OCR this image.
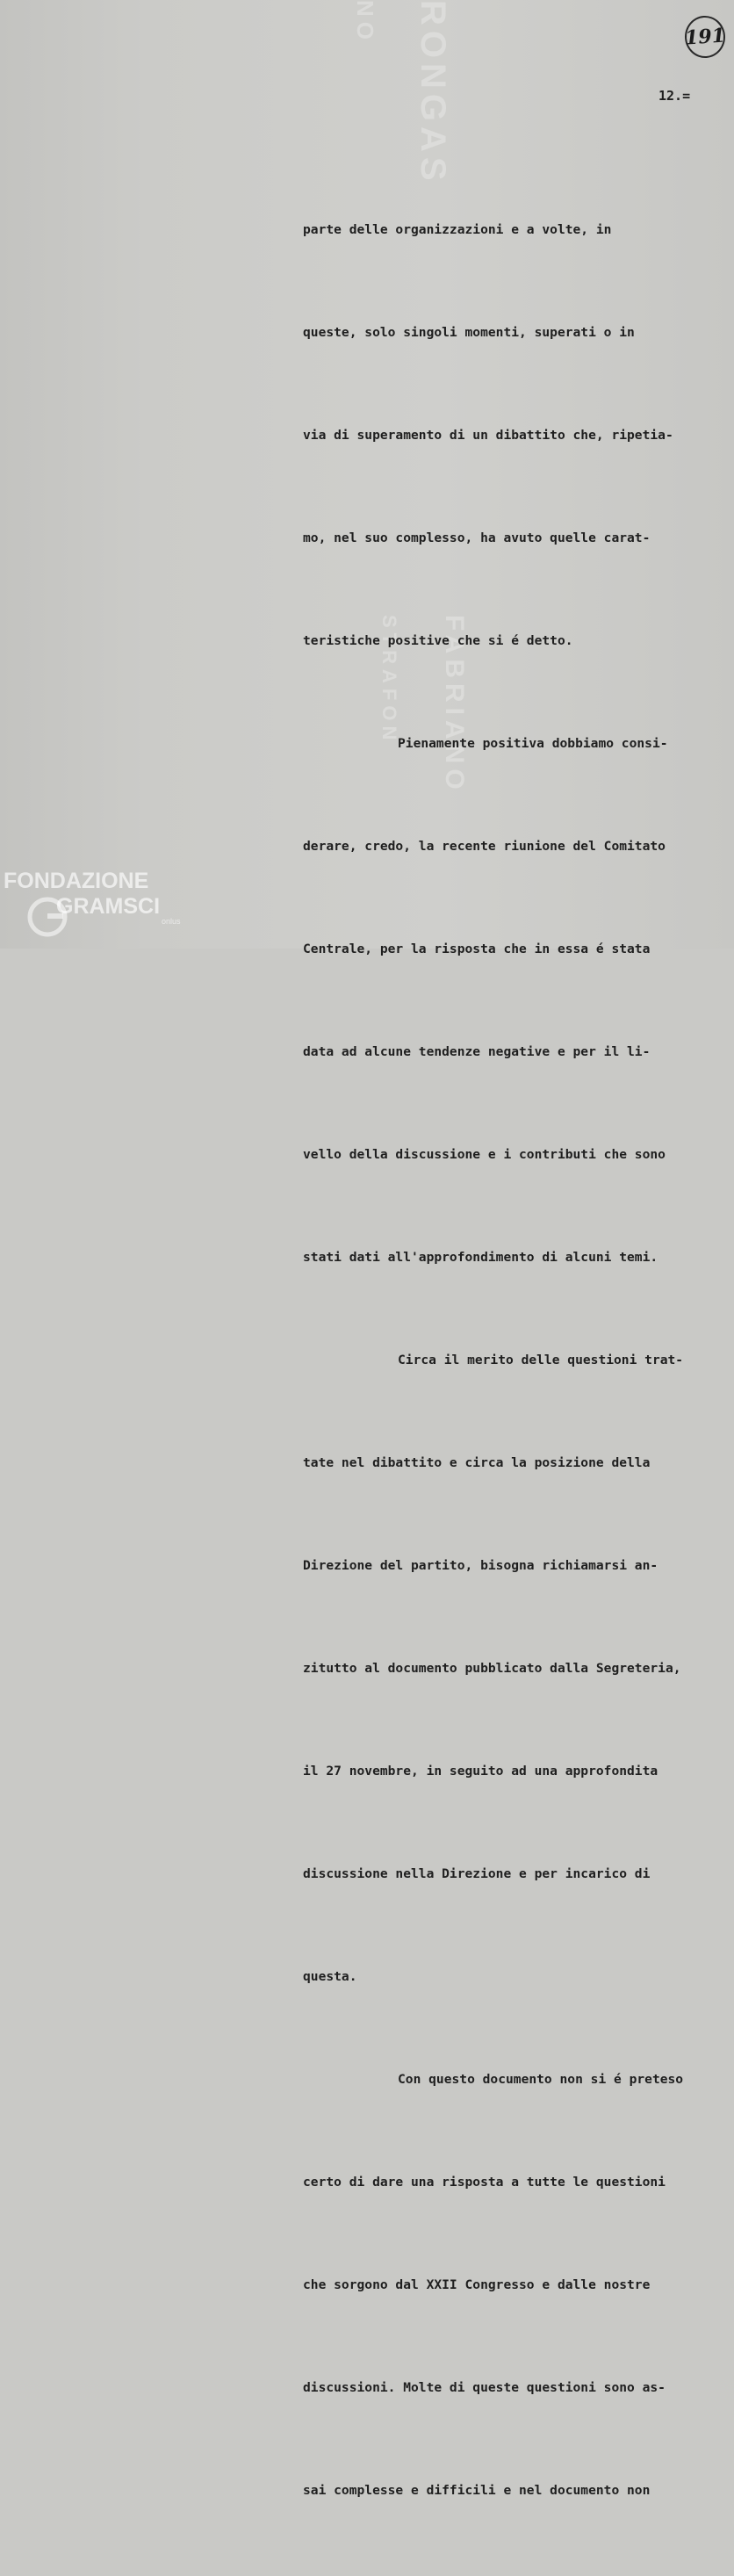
RONGAS
NO
FABRIANO
STRAFON
191
12.=

parte delle organizzazioni e a volte, in

queste, solo singoli momenti, superati o in

via di superamento di un dibattito che, ripetia-

mo, nel suo complesso, ha avuto quelle carat-

teristiche positive che si é detto.

Pienamente positiva dobbiamo consi-

derare, credo, la recente riunione del Comitato

Centrale, per la risposta che in essa é stata

data ad alcune tendenze negative e per il li-

vello della discussione e i contributi che sono

stati dati all'approfondimento di alcuni temi.

Circa il merito delle questioni trat-

tate nel dibattito e circa la posizione della

Direzione del partito, bisogna richiamarsi an-

zitutto al documento pubblicato dalla Segreteria,

il 27 novembre, in seguito ad una approfondita

discussione nella Direzione e per incarico di

questa.

Con questo documento non si é preteso

certo di dare una risposta a tutte le questioni

che sorgono dal XXII Congresso e dalle nostre

discussioni. Molte di queste questioni sono as-

sai complesse e difficili e nel documento non

FONDAZIONE
GRAMSCI
onlus
